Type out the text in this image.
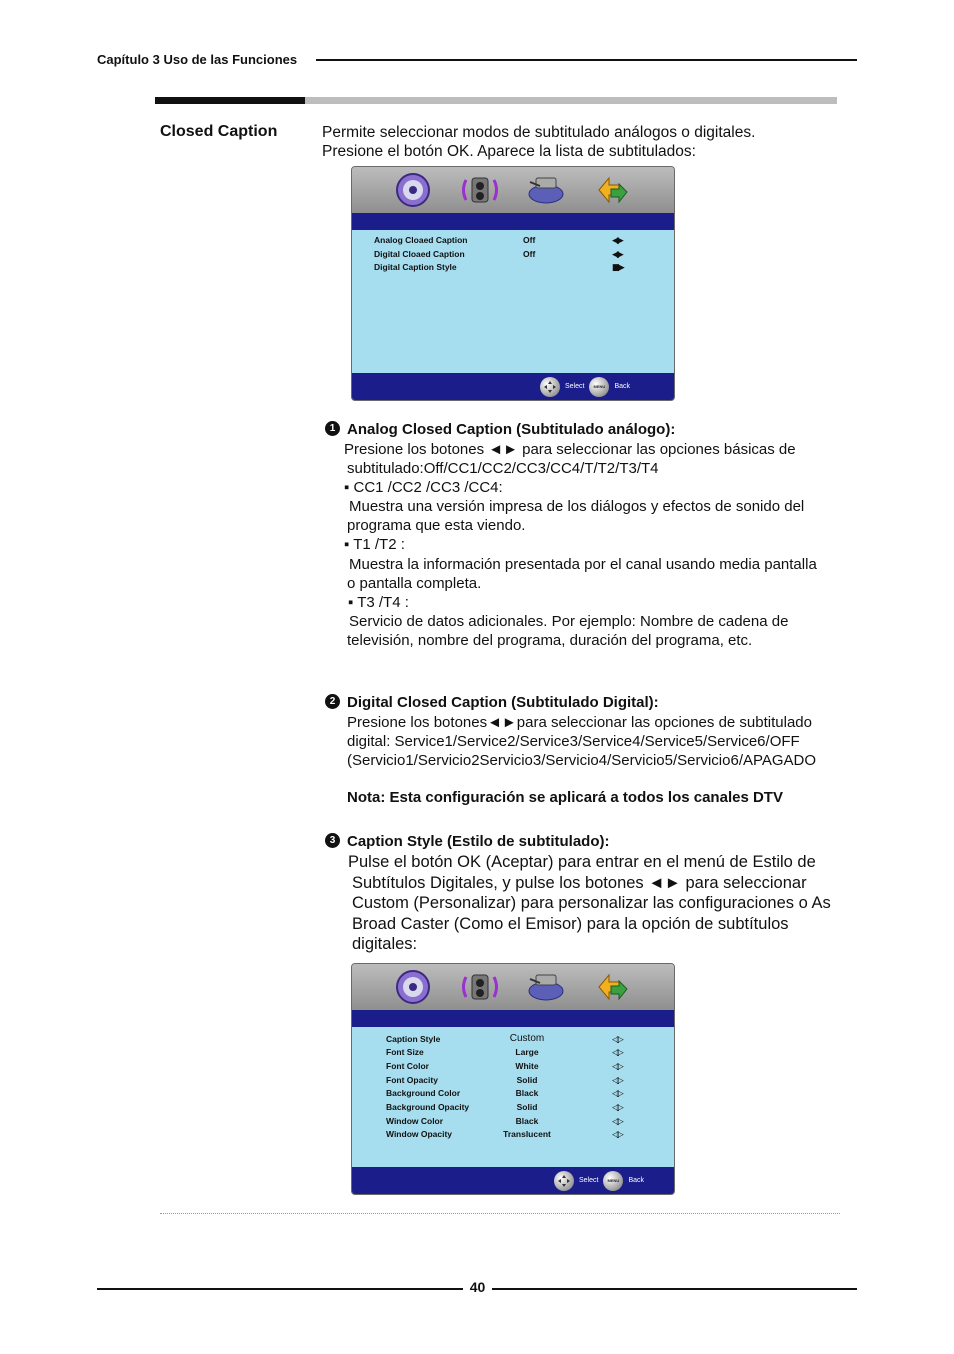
Capítulo 3 Uso de las Funciones
Closed Caption	Permite seleccionar modos de subtitulado análogos o digitales.
Presione el botón OK. Aparece la lista de subtitulados:
Analog Cloaed Caption	Off	◀▶
Digital Cloaed Caption	Off	◀▶
Digital Caption Style	▮▮▶
Select MENU Back
1 Analog Closed Caption (Subtitulado análogo):
Presione los botones ◄► para seleccionar las opciones básicas de
subtitulado:Off/CC1/CC2/CC3/CC4/T/T2/T3/T4
▪ CC1 /CC2 /CC3 /CC4:
Muestra una versión impresa de los diálogos y efectos de sonido del
programa que esta viendo.
▪ T1 /T2 :
Muestra la información presentada por el canal usando media pantalla
o pantalla completa.
▪ T3 /T4 :
Servicio de datos adicionales. Por ejemplo: Nombre de cadena de
televisión, nombre del programa, duración del programa, etc.
2 Digital Closed Caption (Subtitulado Digital):
Presione los botones◄►para seleccionar las opciones de subtitulado
digital: Service1/Service2/Service3/Service4/Service5/Service6/OFF
(Servicio1/Servicio2Servicio3/Servicio4/Servicio5/Servicio6/APAGADO
Nota: Esta configuración se aplicará a todos los canales DTV
3 Caption Style (Estilo de subtitulado):
Pulse el botón OK (Aceptar) para entrar en el menú de Estilo de
Subtítulos Digitales, y pulse los botones ◄► para seleccionar
Custom (Personalizar) para personalizar las configuraciones o As
Broad Caster (Como el Emisor) para la opción de subtítulos
digitales:
Caption Style	Custom	◁▷
Font Size	Large	◁▷
Font Color	White	◁▷
Font Opacity	Solid	◁▷
Background Color	Black	◁▷
Background Opacity	Solid	◁▷
Window Color	Black	◁▷
Window Opacity	Translucent	◁▷
Select MENU Back
40
